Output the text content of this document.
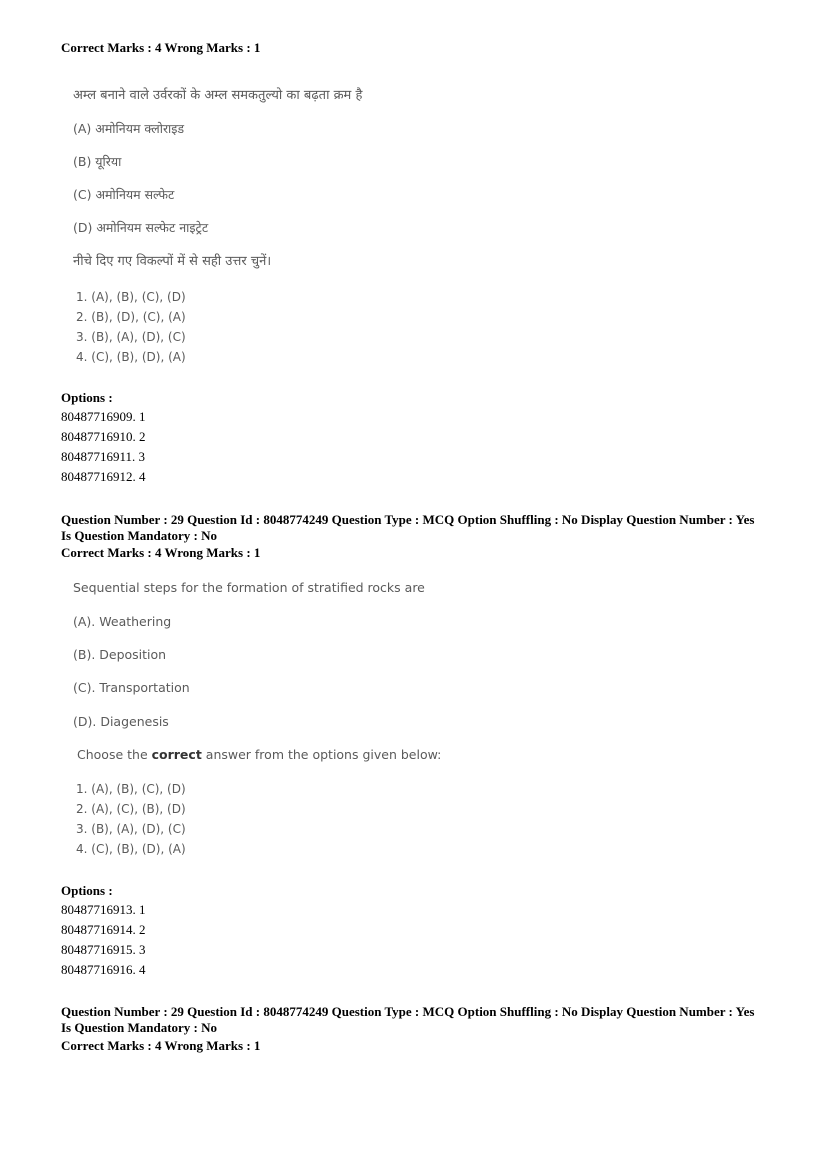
Correct Marks : 4 Wrong Marks : 1
अम्ल बनाने वाले उर्वरकों के अम्ल समकतुल्यो का बढ़ता क्रम है
(A) अमोनियम क्लोराइड
(B) यूरिया
(C) अमोनियम सल्फेट
(D) अमोनियम सल्फेट नाइट्रेट
नीचे दिए गए विकल्पों में से सही उत्तर चुनें।
1. (A), (B), (C), (D)
2. (B), (D), (C), (A)
3. (B), (A), (D), (C)
4. (C), (B), (D), (A)
Options :
80487716909. 1
80487716910. 2
80487716911. 3
80487716912. 4
Question Number : 29 Question Id : 8048774249 Question Type : MCQ Option Shuffling : No Display Question Number : Yes
Is Question Mandatory : No
Correct Marks : 4 Wrong Marks : 1
Sequential steps for the formation of stratified rocks are
(A). Weathering
(B). Deposition
(C). Transportation
(D). Diagenesis
Choose the correct answer from the options given below:
1. (A), (B), (C), (D)
2. (A), (C), (B), (D)
3. (B), (A), (D), (C)
4. (C), (B), (D), (A)
Options :
80487716913. 1
80487716914. 2
80487716915. 3
80487716916. 4
Question Number : 29 Question Id : 8048774249 Question Type : MCQ Option Shuffling : No Display Question Number : Yes
Is Question Mandatory : No
Correct Marks : 4 Wrong Marks : 1
